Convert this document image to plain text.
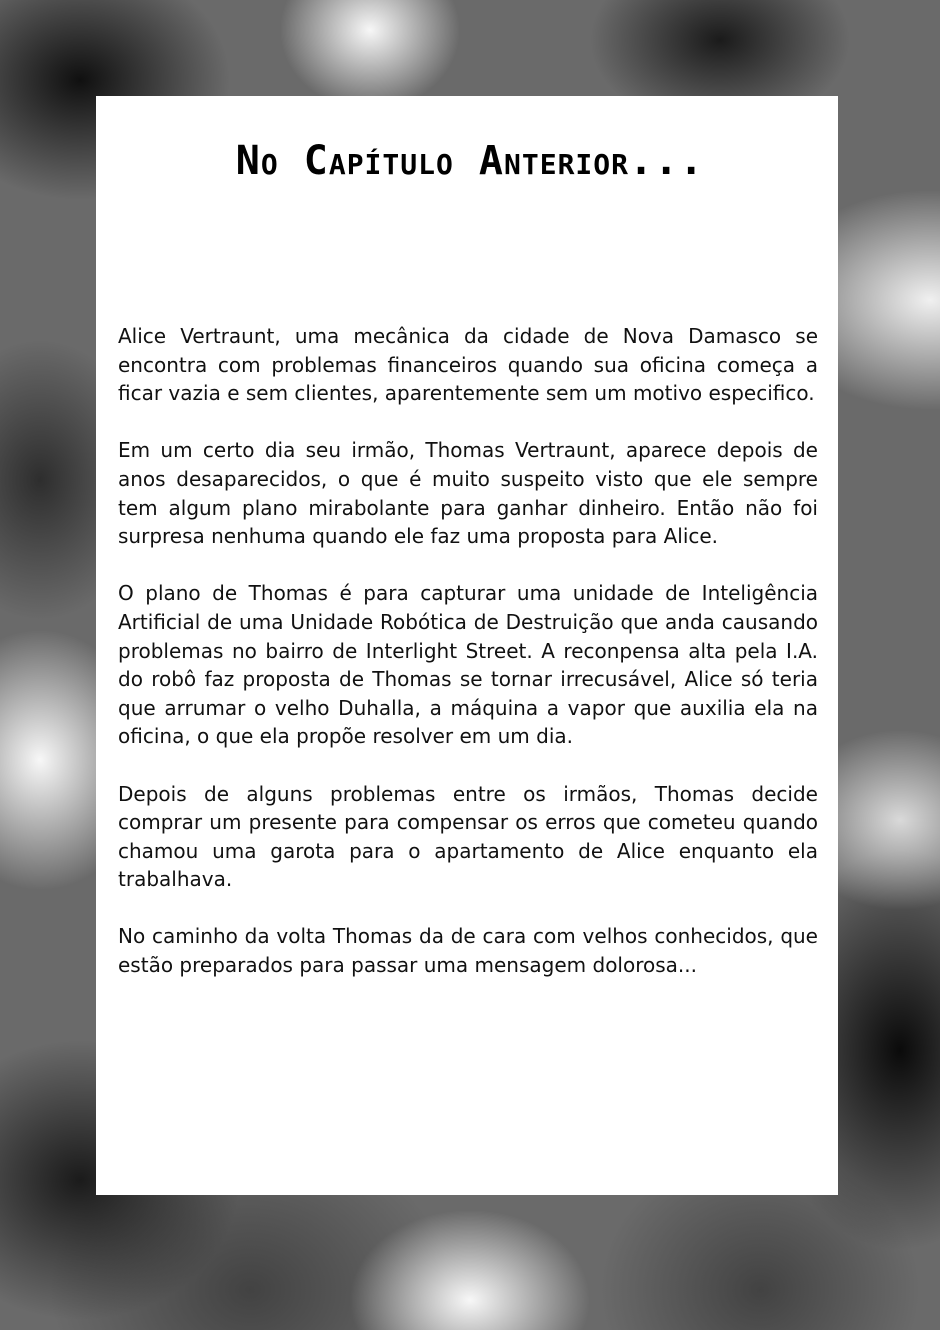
Alice Vertraunt, uma mecânica da cidade de Nova Damasco se encontra com problemas financeiros quando sua oficina começa a ficar vazia e sem clientes, aparentemente sem um motivo especifico.

Em um certo dia seu irmão, Thomas Vertraunt, aparece depois de anos desaparecidos, o que é muito suspeito visto que ele sempre tem algum plano mirabolante para ganhar dinheiro. Então não foi surpresa nenhuma quando ele faz uma proposta para Alice.

O plano de Thomas é para capturar uma unidade de Inteligência Artificial de uma Unidade Robótica de Destruição que anda causando problemas no bairro de Interlight Street. A reconpensa alta pela I.A. do robô faz proposta de Thomas se tornar irrecusável, Alice só teria que arrumar o velho Duhalla, a máquina a vapor que auxilia ela na oficina, o que ela propõe resolver em um dia.

Depois de alguns problemas entre os irmãos, Thomas decide comprar um presente para compensar os erros que cometeu quando chamou uma garota para o apartamento de Alice enquanto ela trabalhava.

No caminho da volta Thomas da de cara com velhos conhecidos, que estão preparados para passar uma mensagem dolorosa...

No Capítulo Anterior...
